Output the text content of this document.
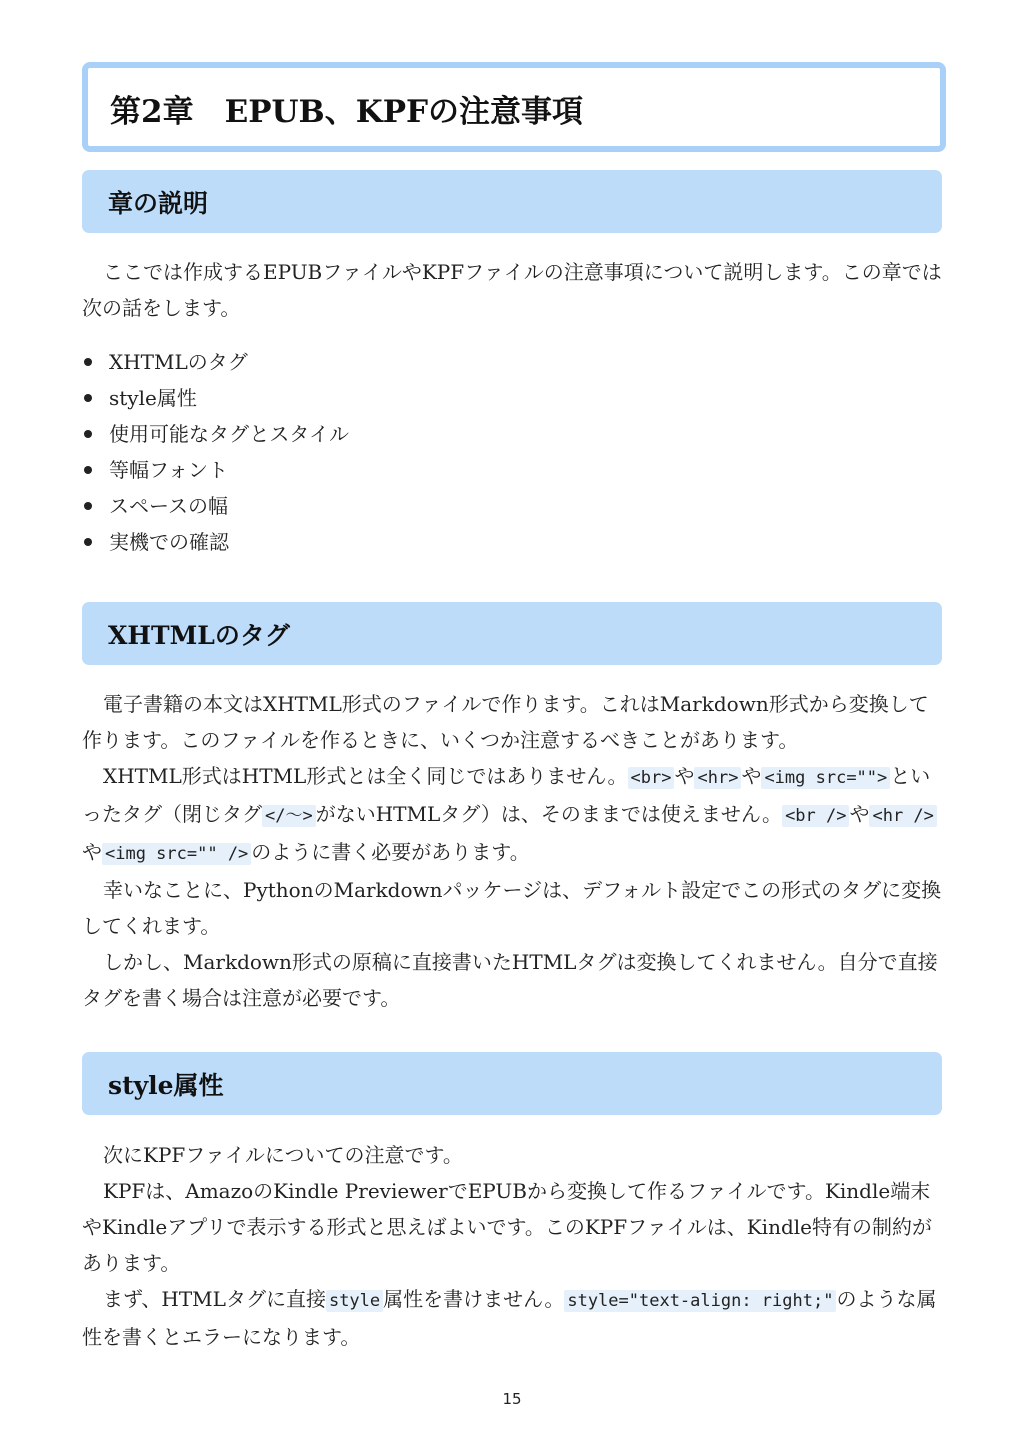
第2章　EPUB、KPFの注意事項
章の説明

ここでは作成するEPUBファイルやKPFファイルの注意事項について説明します。この章では次の話をします。

XHTMLのタグ
style属性
使用可能なタグとスタイル
等幅フォント
スペースの幅
実機での確認
XHTMLのタグ

電子書籍の本文はXHTML形式のファイルで作ります。これはMarkdown形式から変換して作ります。このファイルを作るときに、いくつか注意するべきことがあります。

XHTML形式はHTML形式とは全く同じではありません。 <br> や <hr> や <img src=""> といったタグ（閉じタグ </〜> がないHTMLタグ）は、そのままでは使えません。 <br /> や <hr />や <img src="" /> のように書く必要があります。

幸いなことに、PythonのMarkdownパッケージは、デフォルト設定でこの形式のタグに変換してくれます。

しかし、Markdown形式の原稿に直接書いたHTMLタグは変換してくれません。自分で直接タグを書く場合は注意が必要です。

style属性

次にKPFファイルについての注意です。

KPFは、AmazoのKindle PreviewerでEPUBから変換して作るファイルです。Kindle端末やKindleアプリで表示する形式と思えばよいです。このKPFファイルは、Kindle特有の制約があります。

まず、HTMLタグに直接 style 属性を書けません。 style="text-align: right;" のような属性を書くとエラーになります。

15
